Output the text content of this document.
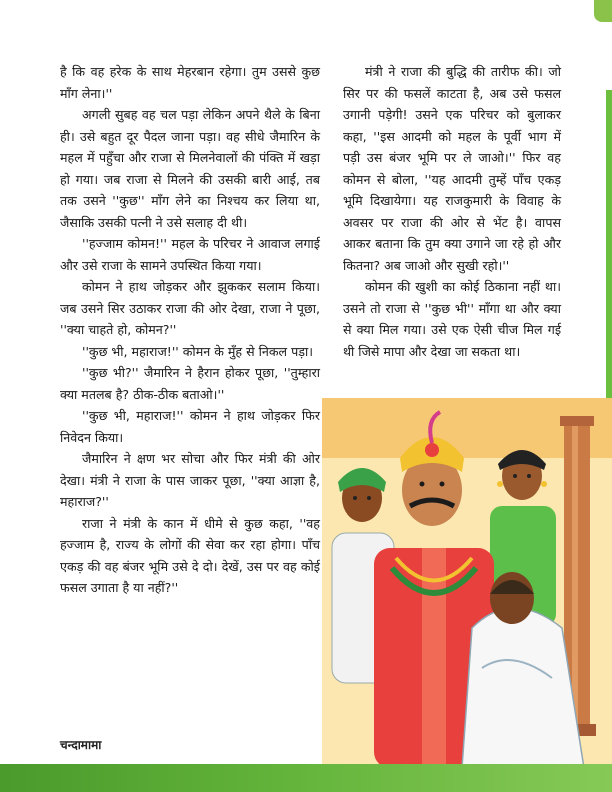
है कि वह हरेक के साथ मेहरबान रहेगा। तुम उससे कुछ माँग लेना।''

अगली सुबह वह चल पड़ा लेकिन अपने थैले के बिना ही। उसे बहुत दूर पैदल जाना पड़ा। वह सीधे जैमारिन के महल में पहुँचा और राजा से मिलनेवालों की पंक्ति में खड़ा हो गया। जब राजा से मिलने की उसकी बारी आई, तब तक उसने ''कुछ'' माँग लेने का निश्चय कर लिया था, जैसाकि उसकी पत्नी ने उसे सलाह दी थी।

''हज्जाम कोमन!'' महल के परिचर ने आवाज लगाई और उसे राजा के सामने उपस्थित किया गया।

कोमन ने हाथ जोड़कर और झुककर सलाम किया। जब उसने सिर उठाकर राजा की ओर देखा, राजा ने पूछा, ''क्या चाहते हो, कोमन?''

''कुछ भी, महाराज!'' कोमन के मुँह से निकल पड़ा।

''कुछ भी?'' जैमारिन ने हैरान होकर पूछा, ''तुम्हारा क्या मतलब है? ठीक-ठीक बताओ।''

''कुछ भी, महाराज!'' कोमन ने हाथ जोड़कर फिर निवेदन किया।

जैमारिन ने क्षण भर सोचा और फिर मंत्री की ओर देखा। मंत्री ने राजा के पास जाकर पूछा, ''क्या आज्ञा है, महाराज?''

राजा ने मंत्री के कान में धीमे से कुछ कहा, ''वह हज्जाम है, राज्य के लोगों की सेवा कर रहा होगा। पाँच एकड़ की वह बंजर भूमि उसे दे दो। देखें, उस पर वह कोई फसल उगाता है या नहीं?''

मंत्री ने राजा की बुद्धि की तारीफ की। जो सिर पर की फसलें काटता है, अब उसे फसल उगानी पड़ेगी! उसने एक परिचर को बुलाकर कहा, ''इस आदमी को महल के पूर्वी भाग में पड़ी उस बंजर भूमि पर ले जाओ।'' फिर वह कोमन से बोला, ''यह आदमी तुम्हें पाँच एकड़ भूमि दिखायेगा। यह राजकुमारी के विवाह के अवसर पर राजा की ओर से भेंट है। वापस आकर बताना कि तुम क्या उगाने जा रहे हो और कितना? अब जाओ और सुखी रहो।''

कोमन की खुशी का कोई ठिकाना नहीं था। उसने तो राजा से ''कुछ भी'' माँगा था और क्या से क्या मिल गया। उसे एक ऐसी चीज मिल गई थी जिसे मापा और देखा जा सकता था।

चन्दामामा
